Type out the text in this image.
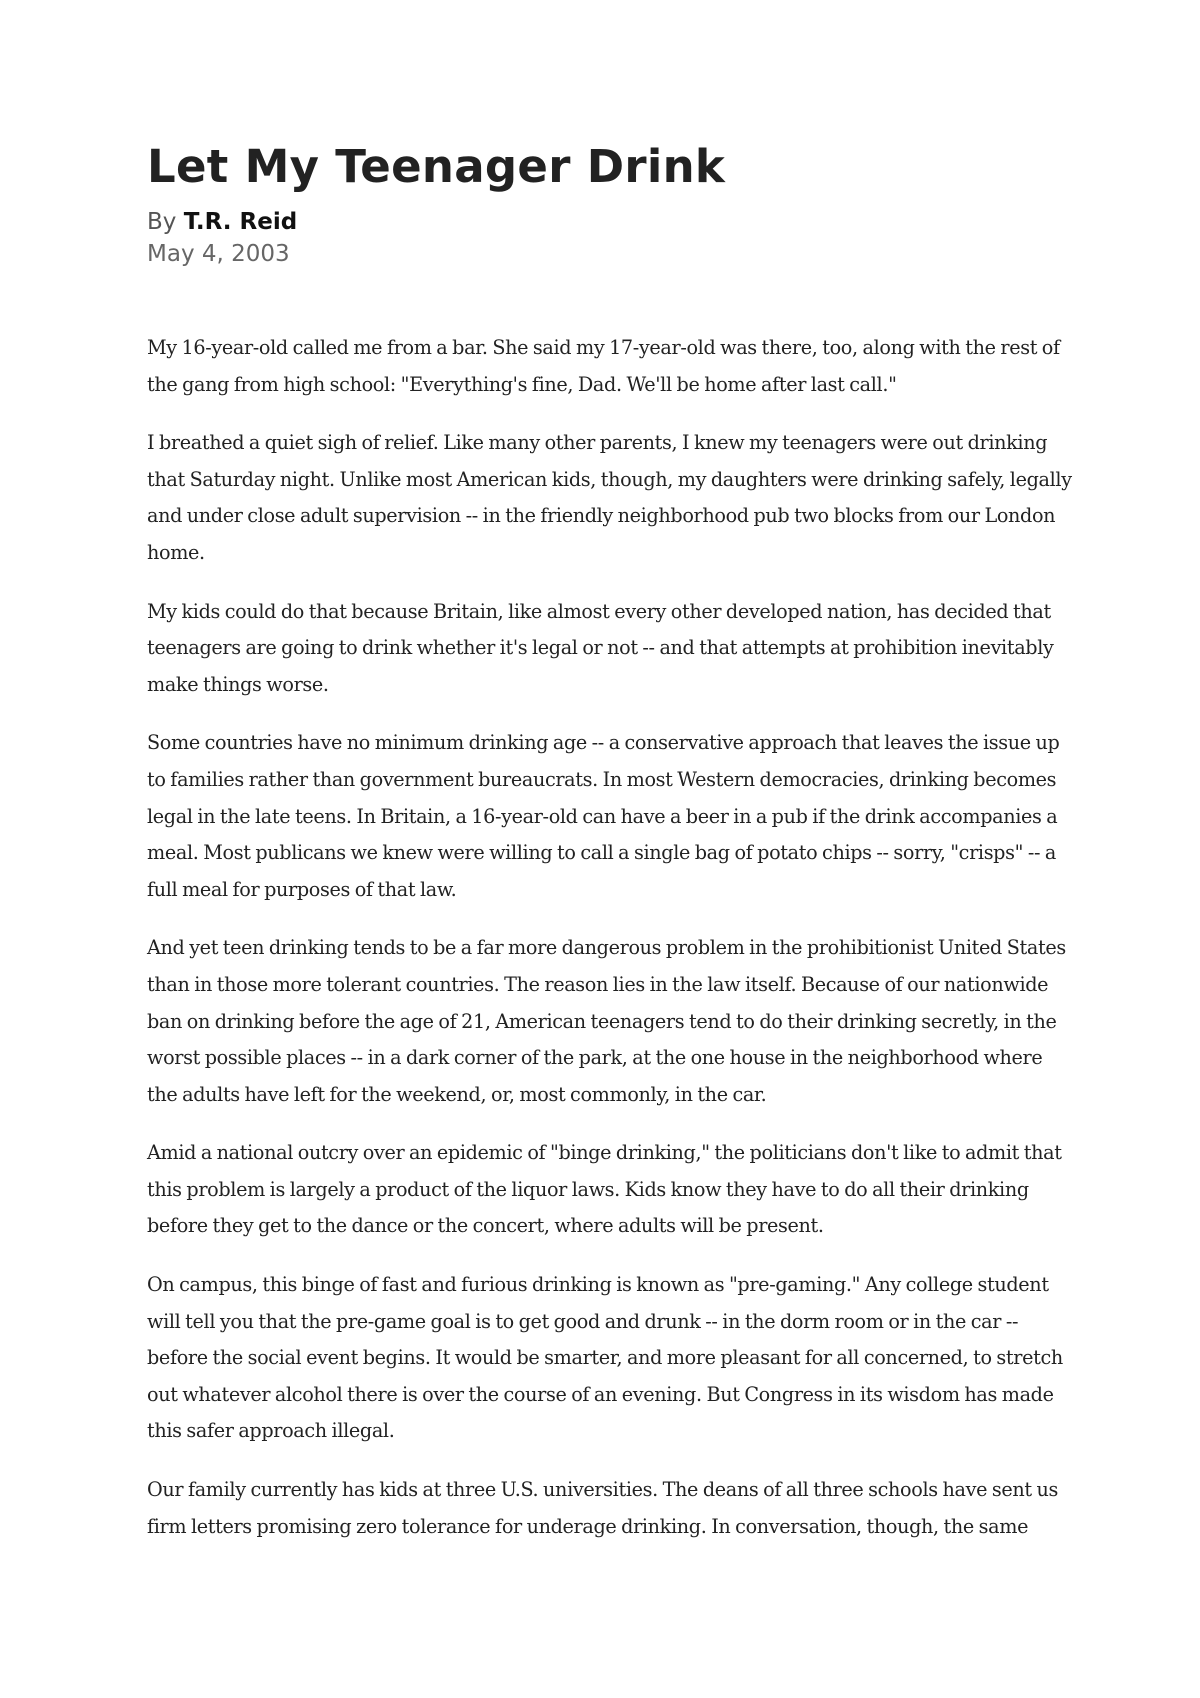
Let My Teenager Drink
By T.R. Reid
May 4, 2003

My 16-year-old called me from a bar. She said my 17-year-old was there, too, along with the rest of the gang from high school: "Everything's fine, Dad. We'll be home after last call."

I breathed a quiet sigh of relief. Like many other parents, I knew my teenagers were out drinking that Saturday night. Unlike most American kids, though, my daughters were drinking safely, legally and under close adult supervision -- in the friendly neighborhood pub two blocks from our London home.

My kids could do that because Britain, like almost every other developed nation, has decided that teenagers are going to drink whether it's legal or not -- and that attempts at prohibition inevitably make things worse.

Some countries have no minimum drinking age -- a conservative approach that leaves the issue up to families rather than government bureaucrats. In most Western democracies, drinking becomes legal in the late teens. In Britain, a 16-year-old can have a beer in a pub if the drink accompanies a meal. Most publicans we knew were willing to call a single bag of potato chips -- sorry, "crisps" -- a full meal for purposes of that law.

And yet teen drinking tends to be a far more dangerous problem in the prohibitionist United States than in those more tolerant countries. The reason lies in the law itself. Because of our nationwide ban on drinking before the age of 21, American teenagers tend to do their drinking secretly, in the worst possible places -- in a dark corner of the park, at the one house in the neighborhood where the adults have left for the weekend, or, most commonly, in the car.

Amid a national outcry over an epidemic of "binge drinking," the politicians don't like to admit that this problem is largely a product of the liquor laws. Kids know they have to do all their drinking before they get to the dance or the concert, where adults will be present.

On campus, this binge of fast and furious drinking is known as "pre-gaming." Any college student will tell you that the pre-game goal is to get good and drunk -- in the dorm room or in the car -- before the social event begins. It would be smarter, and more pleasant for all concerned, to stretch out whatever alcohol there is over the course of an evening. But Congress in its wisdom has made this safer approach illegal.

Our family currently has kids at three U.S. universities. The deans of all three schools have sent us firm letters promising zero tolerance for underage drinking. In conversation, though, the same
